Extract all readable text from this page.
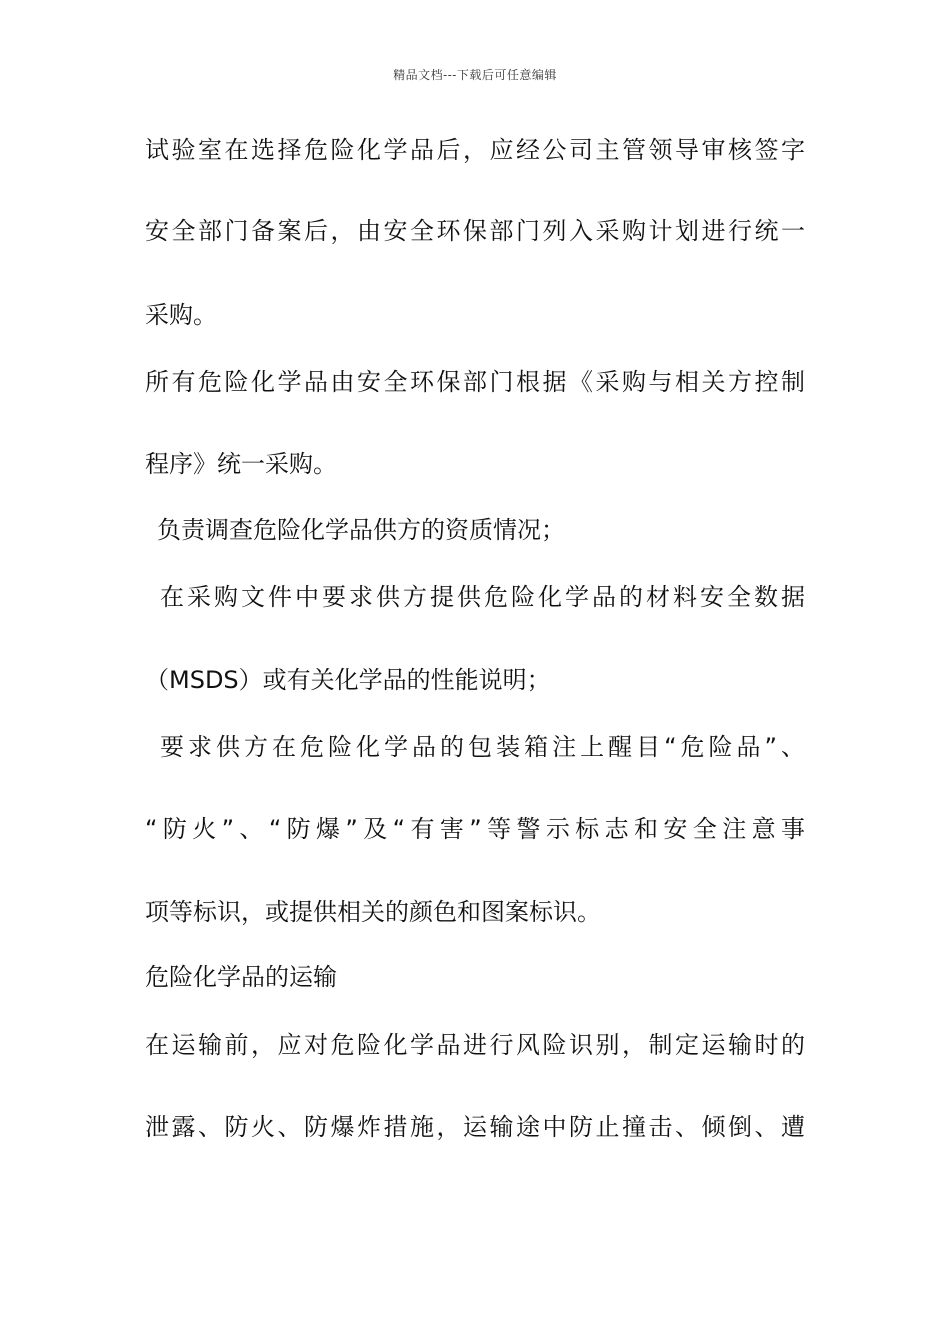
精品文档---下载后可任意编辑
试验室在选择危险化学品后，应经公司主管领导审核签字
安全部门备案后，由安全环保部门列入采购计划进行统一
采购。
所有危险化学品由安全环保部门根据《采购与相关方控制
程序》统一采购。
负责调查危险化学品供方的资质情况；
在采购文件中要求供方提供危险化学品的材料安全数据
（MSDS）或有关化学品的性能说明；
要求供方在危险化学品的包装箱注上醒目“危险品”、
“防火”、“防爆”及“有害”等警示标志和安全注意事
项等标识，或提供相关的颜色和图案标识。
危险化学品的运输
在运输前，应对危险化学品进行风险识别，制定运输时的
泄露、防火、防爆炸措施，运输途中防止撞击、倾倒、遭
